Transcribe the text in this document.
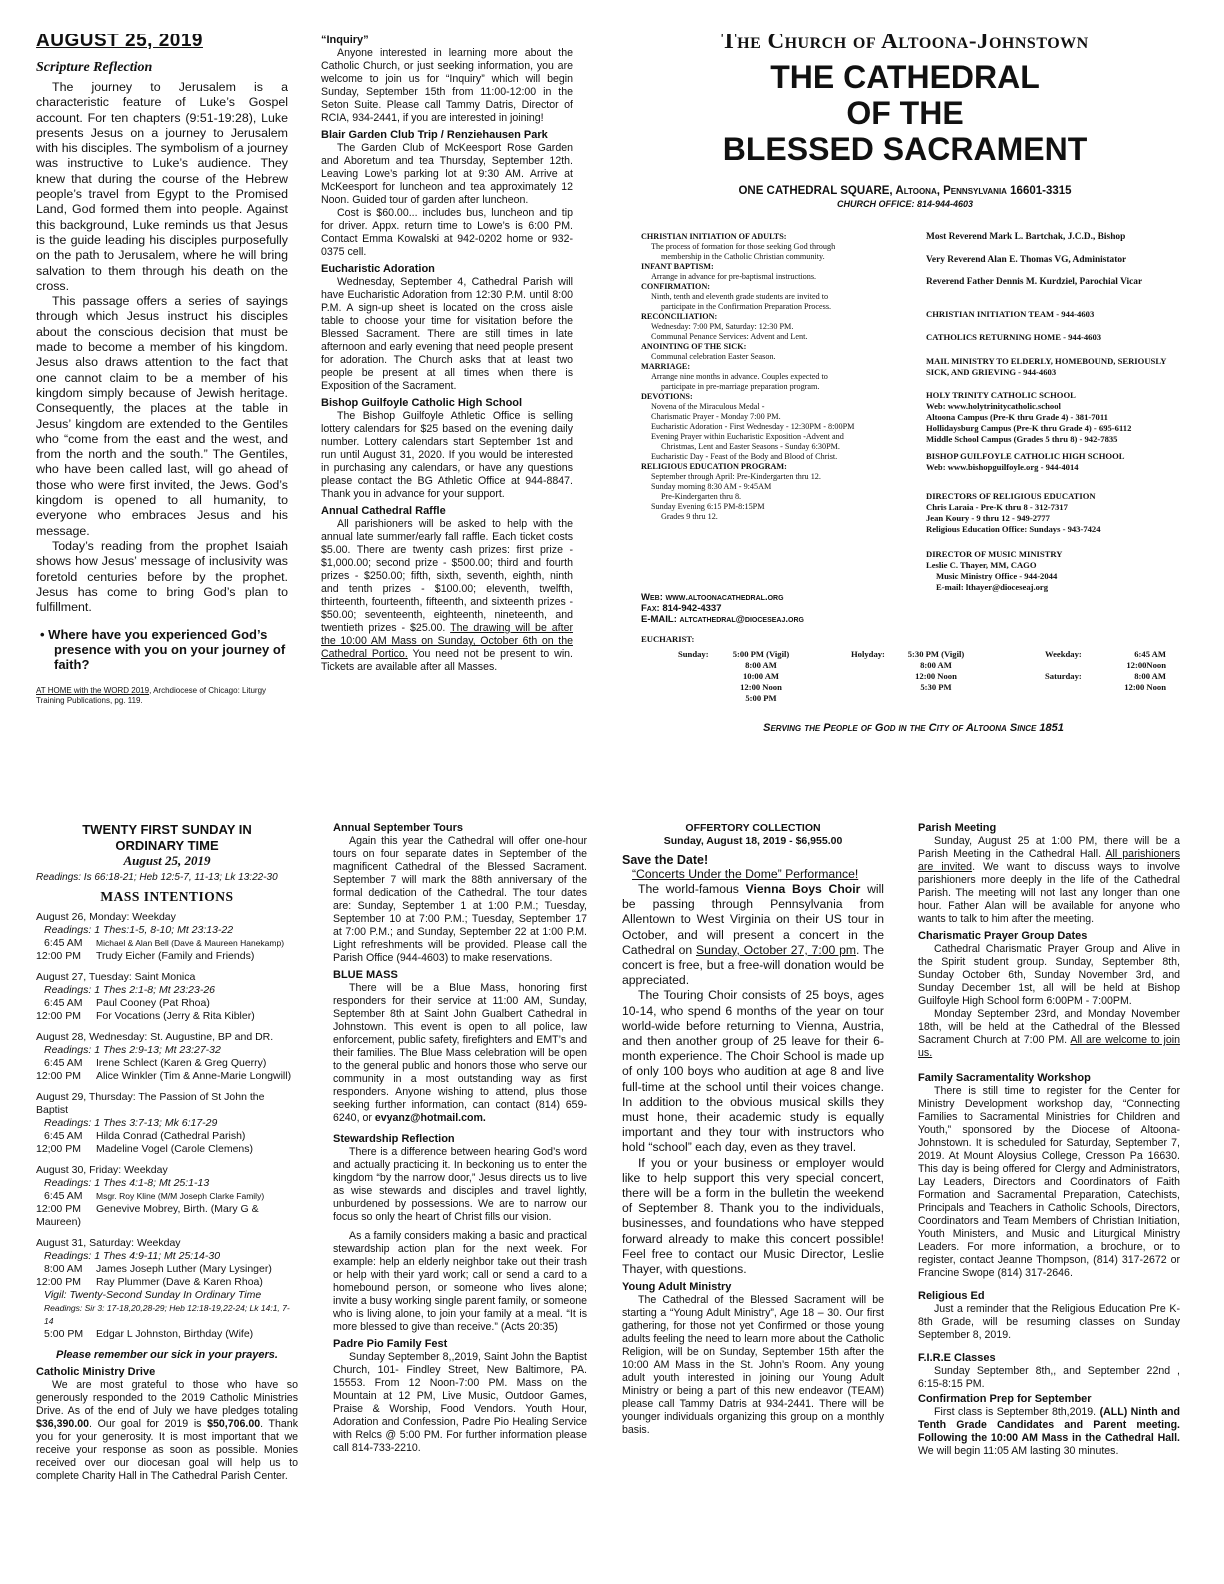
AUGUST 25, 2019
Scripture Reflection

The journey to Jerusalem is a characteristic feature of Luke’s Gospel account. For ten chapters (9:51-19:28), Luke presents Jesus on a journey to Jerusalem with his disciples. The symbolism of a journey was instructive to Luke’s audience. They knew that during the course of the Hebrew people’s travel from Egypt to the Promised Land, God formed them into people. Against this background, Luke reminds us that Jesus is the guide leading his disciples purposefully on the path to Jerusalem, where he will bring salvation to them through his death on the cross.

This passage offers a series of sayings through which Jesus instruct his disciples about the conscious decision that must be made to become a member of his kingdom. Jesus also draws attention to the fact that one cannot claim to be a member of his kingdom simply because of Jewish heritage. Consequently, the places at the table in Jesus’ kingdom are extended to the Gentiles who “come from the east and the west, and from the north and the south.” The Gentiles, who have been called last, will go ahead of those who were first invited, the Jews. God’s kingdom is opened to all humanity, to everyone who embraces Jesus and his message.

Today’s reading from the prophet Isaiah shows how Jesus’ message of inclusivity was foretold centuries before by the prophet. Jesus has come to bring God’s plan to fulfillment.

• Where have you experienced God’s presence with you on your journey of faith?
AT HOME with the WORD 2019, Archdiocese of Chicago: Liturgy Training Publications, pg. 119.
“Inquiry”

Anyone interested in learning more about the Catholic Church, or just seeking information, you are welcome to join us for “Inquiry” which will begin Sunday, September 15th from 11:00-12:00 in the Seton Suite. Please call Tammy Datris, Director of RCIA, 934-2441, if you are interested in joining!

Blair Garden Club Trip / Renziehausen Park

The Garden Club of McKeesport Rose Garden and Aboretum and tea Thursday, September 12th. Leaving Lowe’s parking lot at 9:30 AM. Arrive at McKeesport for luncheon and tea approximately 12 Noon. Guided tour of garden after luncheon.

Cost is $60.00... includes bus, luncheon and tip for driver. Appx. return time to Lowe’s is 6:00 PM. Contact Emma Kowalski at 942-0202 home or 932-0375 cell.

Eucharistic Adoration

Wednesday, September 4, Cathedral Parish will have Eucharistic Adoration from 12:30 P.M. until 8:00 P.M. A sign-up sheet is located on the cross aisle table to choose your time for visitation before the Blessed Sacrament. There are still times in late afternoon and early evening that need people present for adoration. The Church asks that at least two people be present at all times when there is Exposition of the Sacrament.

Bishop Guilfoyle Catholic High School

The Bishop Guilfoyle Athletic Office is selling lottery calendars for $25 based on the evening daily number. Lottery calendars start September 1st and run until August 31, 2020. If you would be interested in purchasing any calendars, or have any questions please contact the BG Athletic Office at 944-8847. Thank you in advance for your support.

Annual Cathedral Raffle

All parishioners will be asked to help with the annual late summer/early fall raffle. Each ticket costs $5.00. There are twenty cash prizes: first prize - $1,000.00; second prize - $500.00; third and fourth prizes - $250.00; fifth, sixth, seventh, eighth, ninth and tenth prizes - $100.00; eleventh, twelfth, thirteenth, fourteenth, fifteenth, and sixteenth prizes - $50.00; seventeenth, eighteenth, nineteenth, and twentieth prizes - $25.00. The drawing will be after the 10:00 AM Mass on Sunday, October 6th on the Cathedral Portico. You need not be present to win. Tickets are available after all Masses.

The Church of Altoona-Johnstown
THE CATHEDRAL
OF THE
BLESSED SACRAMENT
ONE CATHEDRAL SQUARE, Altoona, Pennsylvania 16601-3315
CHURCH OFFICE: 814-944-4603
CHRISTIAN INITIATION OF ADULTS:
The process of formation for those seeking God through
membership in the Catholic Christian community.
INFANT BAPTISM:
Arrange in advance for pre-baptismal instructions.
CONFIRMATION:
Ninth, tenth and eleventh grade students are invited to
participate in the Confirmation Preparation Process.
RECONCILIATION:
Wednesday: 7:00 PM, Saturday: 12:30 PM.
Communal Penance Services: Advent and Lent.
ANOINTING OF THE SICK:
Communal celebration Easter Season.
MARRIAGE:
Arrange nine months in advance. Couples expected to
participate in pre-marriage preparation program.
DEVOTIONS:
Novena of the Miraculous Medal -
Charismatic Prayer - Monday 7:00 PM.
Eucharistic Adoration - First Wednesday - 12:30PM - 8:00PM
Evening Prayer within Eucharistic Exposition -Advent and
Christmas, Lent and Easter Seasons - Sunday 6:30PM.
Eucharistic Day - Feast of the Body and Blood of Christ.
RELIGIOUS EDUCATION PROGRAM:
September through April: Pre-Kindergarten thru 12.
Sunday morning 8:30 AM - 9:45AM
Pre-Kindergarten thru 8.
Sunday Evening 6:15 PM-8:15PM
Grades 9 thru 12.
Web: www.altoonacathedral.org
Fax: 814-942-4337
E-MAIL: altcathedral@dioceseaj.org
Most Reverend Mark L. Bartchak, J.C.D., Bishop
Very Reverend Alan E. Thomas VG, Administator
Reverend Father Dennis M. Kurdziel, Parochial Vicar
CHRISTIAN INITIATION TEAM - 944-4603
CATHOLICS RETURNING HOME - 944-4603
MAIL MINISTRY TO ELDERLY, HOMEBOUND, SERIOUSLY SICK, AND GRIEVING - 944-4603
HOLY TRINITY CATHOLIC SCHOOL
Web: www.holytrinitycatholic.school
Altoona Campus (Pre-K thru Grade 4) - 381-7011
Hollidaysburg Campus (Pre-K thru Grade 4) - 695-6112
Middle School Campus (Grades 5 thru 8) - 942-7835
BISHOP GUILFOYLE CATHOLIC HIGH SCHOOL
Web: www.bishopguilfoyle.org - 944-4014
DIRECTORS OF RELIGIOUS EDUCATION
Chris Laraia - Pre-K thru 8 - 312-7317
Jean Koury - 9 thru 12 - 949-2777
Religious Education Office: Sundays - 943-7424
DIRECTOR OF MUSIC MINISTRY
Leslie C. Thayer, MM, CAGO
Music Ministry Office - 944-2044
E-mail: lthayer@dioceseaj.org
EUCHARIST:
Sunday:	5:00 PM (Vigil)
8:00 AM
10:00 AM
12:00 Noon
5:00 PM
Holyday:	5:30 PM (Vigil)
8:00 AM
12:00 Noon
5:30 PM
Weekday:	6:45 AM
12:00Noon
Saturday:	8:00 AM
12:00 Noon
Serving the People of God in the City of Altoona Since 1851
TWENTY FIRST SUNDAY IN ORDINARY TIME
August 25, 2019
Readings: Is 66:18-21; Heb 12:5-7, 11-13; Lk 13:22-30
MASS INTENTIONS
August 26, Monday: Weekday
Readings: 1 Thes:1-5, 8-10; Mt 23:13-22
6:45 AM Michael & Alan Bell (Dave & Maureen Hanekamp)
12:00 PM Trudy Eicher (Family and Friends)
August 27, Tuesday: Saint Monica
Readings: 1 Thes 2:1-8; Mt 23:23-26
6:45 AM Paul Cooney (Pat Rhoa)
12:00 PM For Vocations (Jerry & Rita Kibler)
August 28, Wednesday: St. Augustine, BP and DR.
Readings: 1 Thes 2:9-13; Mt 23:27-32
6:45 AM Irene Schlect (Karen & Greg Querry)
12:00 PM Alice Winkler (Tim & Anne-Marie Longwill)
August 29, Thursday: The Passion of St John the Baptist
Readings: 1 Thes 3:7-13; Mk 6:17-29
6:45 AM Hilda Conrad (Cathedral Parish)
12;00 PM Madeline Vogel (Carole Clemens)
August 30, Friday: Weekday
Readings: 1 Thes 4:1-8; Mt 25:1-13
6:45 AM Msgr. Roy Kline (M/M Joseph Clarke Family)
12:00 PM Genevive Mobrey, Birth. (Mary G & Maureen)
August 31, Saturday: Weekday
Readings: 1 Thes 4:9-11; Mt 25:14-30
8:00 AM James Joseph Luther (Mary Lysinger)
12:00 PM Ray Plummer (Dave & Karen Rhoa)
Vigil: Twenty-Second Sunday In Ordinary Time
Readings: Sir 3: 17-18,20,28-29; Heb 12:18-19,22-24; Lk 14:1, 7-14
5:00 PM Edgar L Johnston, Birthday (Wife)
Please remember our sick in your prayers.
Catholic Ministry Drive

We are most grateful to those who have so generously responded to the 2019 Catholic Ministries Drive. As of the end of July we have pledges totaling $36,390.00. Our goal for 2019 is $50,706.00. Thank you for your generosity. It is most important that we receive your response as soon as possible. Monies received over our diocesan goal will help us to complete Charity Hall in The Cathedral Parish Center.

Annual September Tours

Again this year the Cathedral will offer one-hour tours on four separate dates in September of the magnificent Cathedral of the Blessed Sacrament. September 7 will mark the 88th anniversary of the formal dedication of the Cathedral. The tour dates are: Sunday, September 1 at 1:00 P.M.; Tuesday, September 10 at 7:00 P.M.; Tuesday, September 17 at 7:00 P.M.; and Sunday, September 22 at 1:00 P.M. Light refreshments will be provided. Please call the Parish Office (944-4603) to make reservations.

BLUE MASS

There will be a Blue Mass, honoring first responders for their service at 11:00 AM, Sunday, September 8th at Saint John Gualbert Cathedral in Johnstown. This event is open to all police, law enforcement, public safety, firefighters and EMT’s and their families. The Blue Mass celebration will be open to the general public and honors those who serve our community in a most outstanding way as first responders. Anyone wishing to attend, plus those seeking further information, can contact (814) 659-6240, or evyanz@hotmail.com.

Stewardship Reflection

There is a difference between hearing God’s word and actually practicing it. In beckoning us to enter the kingdom “by the narrow door,” Jesus directs us to live as wise stewards and disciples and travel lightly, unburdened by possessions. We are to narrow our focus so only the heart of Christ fills our vision.

As a family considers making a basic and practical stewardship action plan for the next week. For example: help an elderly neighbor take out their trash or help with their yard work; call or send a card to a homebound person, or someone who lives alone; invite a busy working single parent family, or someone who is living alone, to join your family at a meal. “It is more blessed to give than receive.” (Acts 20:35)

Padre Pio Family Fest

Sunday September 8,,2019, Saint John the Baptist Church, 101- Findley Street, New Baltimore, PA. 15553. From 12 Noon-7:00 PM. Mass on the Mountain at 12 PM, Live Music, Outdoor Games, Praise & Worship, Food Vendors. Youth Hour, Adoration and Confession, Padre Pio Healing Service with Relcs @ 5:00 PM. For further information please call 814-733-2210.

OFFERTORY COLLECTION
Sunday, August 18, 2019 - $6,955.00
Save the Date!
“Concerts Under the Dome” Performance!

The world-famous Vienna Boys Choir will be passing through Pennsylvania from Allentown to West Virginia on their US tour in October, and will present a concert in the Cathedral on Sunday, October 27, 7:00 pm. The concert is free, but a free-will donation would be appreciated.

The Touring Choir consists of 25 boys, ages 10-14, who spend 6 months of the year on tour world-wide before returning to Vienna, Austria, and then another group of 25 leave for their 6-month experience. The Choir School is made up of only 100 boys who audition at age 8 and live full-time at the school until their voices change. In addition to the obvious musical skills they must hone, their academic study is equally important and they tour with instructors who hold “school” each day, even as they travel.

If you or your business or employer would like to help support this very special concert, there will be a form in the bulletin the weekend of September 8. Thank you to the individuals, businesses, and foundations who have stepped forward already to make this concert possible! Feel free to contact our Music Director, Leslie Thayer, with questions.

Young Adult Ministry

The Cathedral of the Blessed Sacrament will be starting a “Young Adult Ministry”, Age 18 – 30. Our first gathering, for those not yet Confirmed or those young adults feeling the need to learn more about the Catholic Religion, will be on Sunday, September 15th after the 10:00 AM Mass in the St. John’s Room. Any young adult youth interested in joining our Young Adult Ministry or being a part of this new endeavor (TEAM) please call Tammy Datris at 934-2441. There will be younger individuals organizing this group on a monthly basis.

Parish Meeting

Sunday, August 25 at 1:00 PM, there will be a Parish Meeting in the Cathedral Hall. All parishioners are invited. We want to discuss ways to involve parishioners more deeply in the life of the Cathedral Parish. The meeting will not last any longer than one hour. Father Alan will be available for anyone who wants to talk to him after the meeting.

Charismatic Prayer Group Dates

Cathedral Charismatic Prayer Group and Alive in the Spirit student group. Sunday, September 8th, Sunday October 6th, Sunday November 3rd, and Sunday December 1st, all will be held at Bishop Guilfoyle High School form 6:00PM - 7:00PM.

Monday September 23rd, and Monday November 18th, will be held at the Cathedral of the Blessed Sacrament Church at 7:00 PM. All are welcome to join us.

Family Sacramentality Workshop

There is still time to register for the Center for Ministry Development workshop day, “Connecting Families to Sacramental Ministries for Children and Youth,” sponsored by the Diocese of Altoona-Johnstown. It is scheduled for Saturday, September 7, 2019. At Mount Aloysius College, Cresson Pa 16630. This day is being offered for Clergy and Administrators, Lay Leaders, Directors and Coordinators of Faith Formation and Sacramental Preparation, Catechists, Principals and Teachers in Catholic Schools, Directors, Coordinators and Team Members of Christian Initiation, Youth Ministers, and Music and Liturgical Ministry Leaders. For more information, a brochure, or to register, contact Jeanne Thompson, (814) 317-2672 or Francine Swope (814) 317-2646.

Religious Ed

Just a reminder that the Religious Education Pre K-8th Grade, will be resuming classes on Sunday September 8, 2019.

F.I.R.E Classes

Sunday September 8th,, and September 22nd , 6:15-8:15 PM.

Confirmation Prep for September

First class is September 8th,2019. (ALL) Ninth and Tenth Grade Candidates and Parent meeting. Following the 10:00 AM Mass in the Cathedral Hall. We will begin 11:05 AM lasting 30 minutes.
